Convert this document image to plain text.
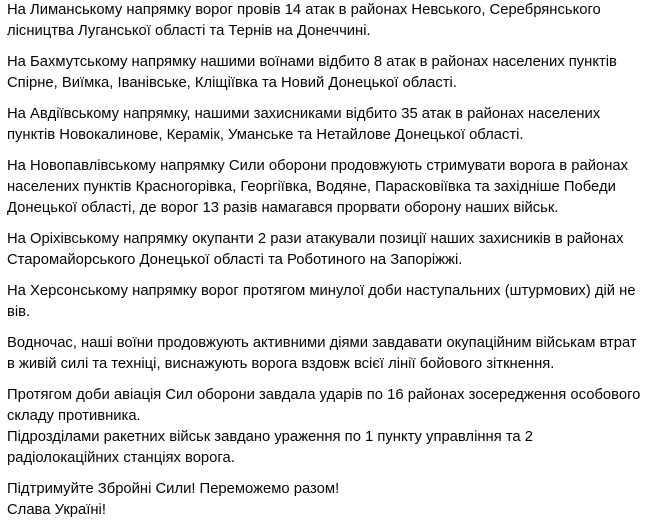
На Лиманському напрямку ворог провів 14 атак в районах Невського, Серебрянського
лісництва Луганської області та Тернів на Донеччині.

На Бахмутському напрямку нашими воїнами відбито 8 атак в районах населених пунктів
Спірне, Виїмка, Іванівське, Кліщіївка та Новий Донецької області.

На Авдіївському напрямку, нашими захисниками відбито 35 атак в районах населених
пунктів Новокалинове, Керамік, Уманське та Нетайлове Донецької області.

На Новопавлівському напрямку Сили оборони продовжують стримувати ворога в районах
населених пунктів Красногорівка, Георгіївка, Водяне, Парасковіївка та західніше Победи
Донецької області, де ворог 13 разів намагався прорвати оборону наших військ.

На Оріхівському напрямку окупанти 2 рази атакували позиції наших захисників в районах
Старомайорського Донецької області та Роботиного на Запоріжжі.

На Херсонському напрямку ворог протягом минулої доби наступальних (штурмових) дій не
вів.

Водночас, наші воїни продовжують активними діями завдавати окупаційним військам втрат
в живій силі та техніці, виснажують ворога вздовж всієї лінії бойового зіткнення.

Протягом доби авіація Сил оборони завдала ударів по 16 районах зосередження особового
складу противника.
Підрозділами ракетних військ завдано ураження по 1 пункту управління та 2
радіолокаційних станціях ворога.

Підтримуйте Збройні Сили! Переможемо разом!
Слава Україні!
